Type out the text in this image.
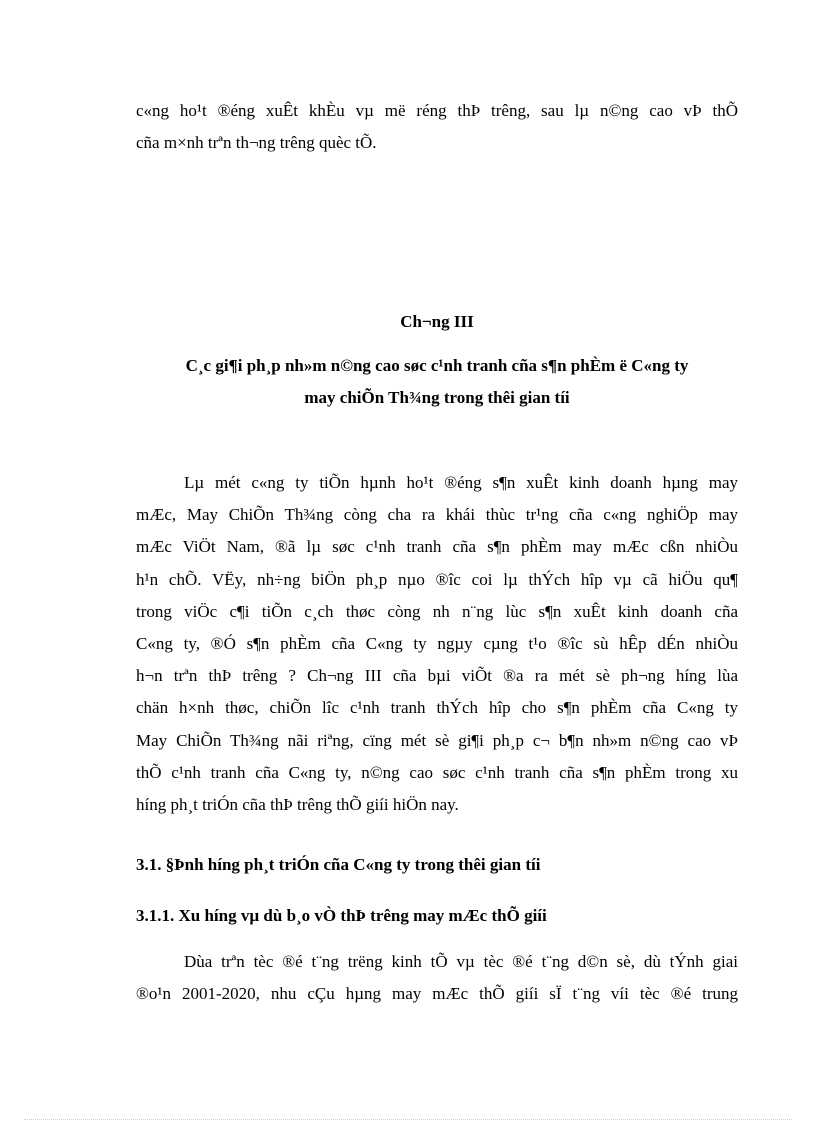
c«ng ho¹t ®éng xuÊt khÈu vµ më réng thÞ trêng, sau lµ n©ng cao vÞ thÕ
cña m×nh trªn th¬ng trêng quèc tÕ.
Ch¬ng III
C¸c gi¶i ph¸p nh»m n©ng cao søc c¹nh tranh cña s¶n phÈm ë C«ng ty
may chiÕn Th¾ng trong thêi gian tíi
Lµ mét c«ng ty tiÕn hµnh ho¹t ®éng s¶n xuÊt kinh doanh hµng may
mÆc, May ChiÕn Th¾ng còng cha ra khái thùc tr¹ng cña c«ng nghiÖp may
mÆc ViÖt Nam, ®ã lµ søc c¹nh tranh cña s¶n phÈm may mÆc cßn nhiÒu
h¹n chÕ. VËy, nh÷ng biÖn ph¸p nµo ®îc coi lµ thÝch hîp vµ cã hiÖu qu¶
trong viÖc c¶i tiÕn c¸ch thøc còng nh n¨ng lùc s¶n xuÊt kinh doanh cña
C«ng ty, ®Ó s¶n phÈm cña C«ng ty ngµy cµng t¹o ®îc sù hÊp dÉn nhiÒu
h¬n trªn thÞ trêng ? Ch¬ng III cña bµi viÕt ®a ra mét sè ph¬ng híng lùa
chän h×nh thøc, chiÕn lîc c¹nh tranh thÝch hîp cho s¶n phÈm cña C«ng ty
May ChiÕn Th¾ng nãi riªng, cïng mét sè gi¶i ph¸p c¬ b¶n nh»m n©ng cao vÞ
thÕ c¹nh tranh cña C«ng ty, n©ng cao søc c¹nh tranh cña s¶n phÈm trong xu
híng ph¸t triÓn cña thÞ trêng thÕ giíi hiÖn nay.
3.1. §Þnh híng ph¸t triÓn cña C«ng ty trong thêi gian tíi
3.1.1. Xu híng vµ dù b¸o vÒ thÞ trêng may mÆc thÕ giíi
Dùa trªn tèc ®é t¨ng trëng kinh tÕ vµ tèc ®é t¨ng d©n sè, dù tÝnh giai
®o¹n 2001-2020, nhu cÇu hµng may mÆc thÕ giíi sÏ t¨ng víi tèc ®é trung
